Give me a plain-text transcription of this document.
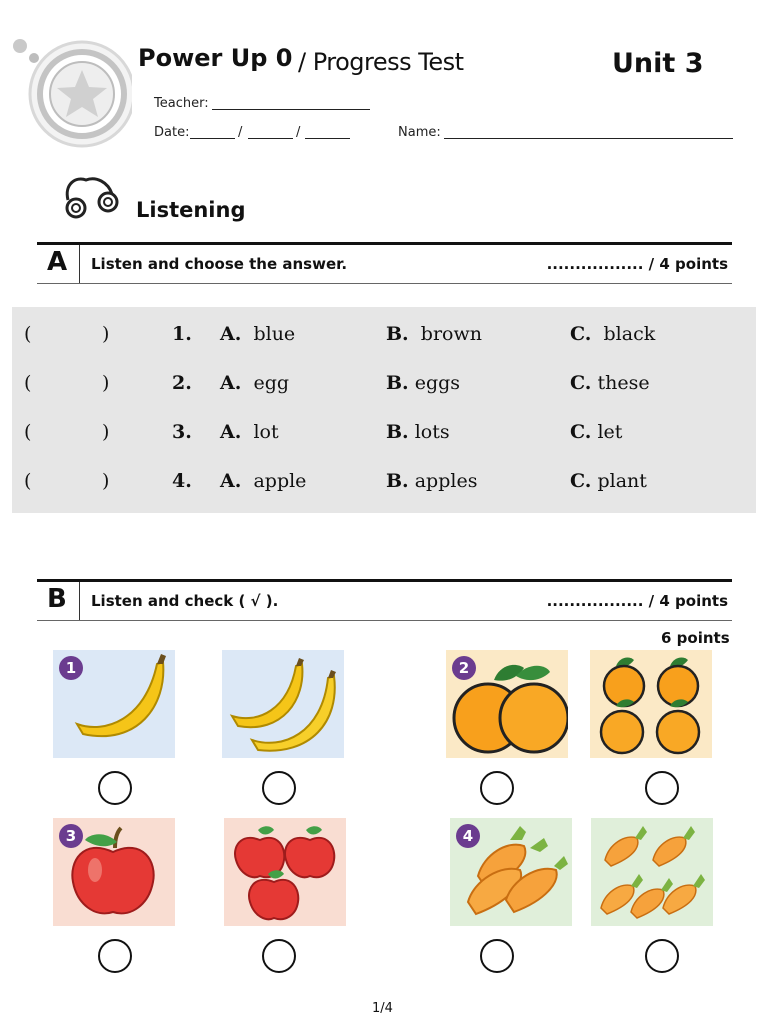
Power Up 0 / Progress Test	Unit 3
Teacher:
Date:	/	/	Name:
Listening
A Listen and choose the answer.	................. / 4 points
(	)	1. A. blue	B. brown	C. black
(	)	2. A. egg	B. eggs	C. these
(	)	3. A. lot	B. lots	C. let
(	)	4. A. apple	B. apples	C. plant
B Listen and check ( √ ).	................. / 4 points
6 points
1	2
3	4
1/4
